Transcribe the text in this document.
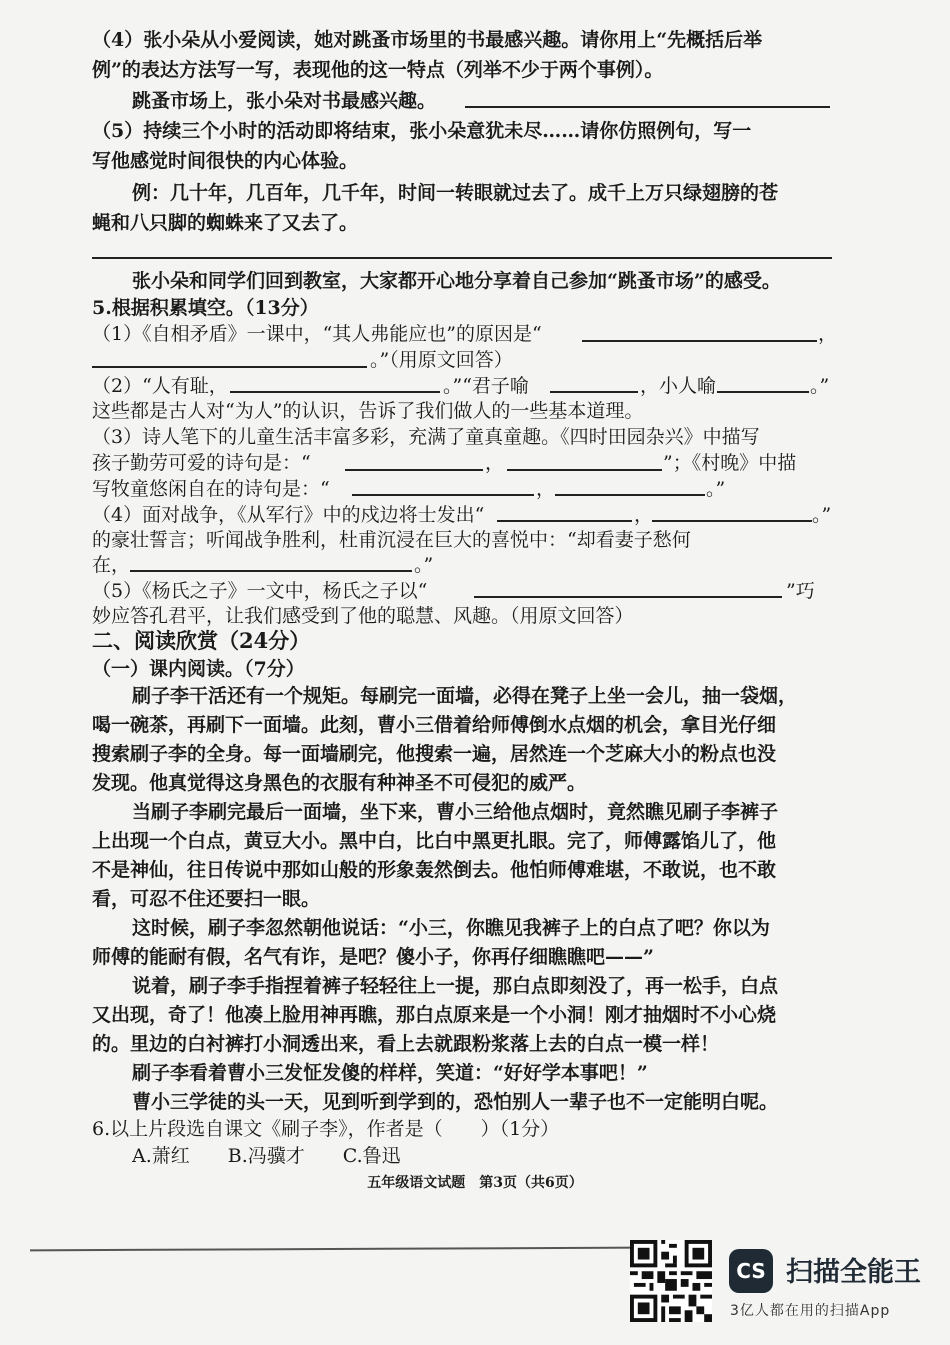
（4）张小朵从小爱阅读，她对跳蚤市场里的书最感兴趣。请你用上“先概括后举
例”的表达方法写一写，表现他的这一特点（列举不少于两个事例）。
跳蚤市场上，张小朵对书最感兴趣。
（5）持续三个小时的活动即将结束，张小朵意犹未尽……请你仿照例句，写一
写他感觉时间很快的内心体验。
例：几十年，几百年，几千年，时间一转眼就过去了。成千上万只绿翅膀的苍
蝇和八只脚的蜘蛛来了又去了。
张小朵和同学们回到教室，大家都开心地分享着自己参加“跳蚤市场”的感受。
5.根据积累填空。（13分）
（1）《自相矛盾》一课中，“其人弗能应也”的原因是“	，
。”（用原文回答）
（2）“人有耻，	。”“君子喻	，小人喻	。”
这些都是古人对“为人”的认识，告诉了我们做人的一些基本道理。
（3）诗人笔下的儿童生活丰富多彩，充满了童真童趣。《四时田园杂兴》中描写
孩子勤劳可爱的诗句是：“	，	”；《村晚》中描
写牧童悠闲自在的诗句是：“	，	。”
（4）面对战争，《从军行》中的戍边将士发出“	，	。”
的豪壮誓言；听闻战争胜利，杜甫沉浸在巨大的喜悦中：“却看妻子愁何
在，	。”
（5）《杨氏之子》一文中，杨氏之子以“	”巧
妙应答孔君平，让我们感受到了他的聪慧、风趣。（用原文回答）
二、阅读欣赏（24分）
（一）课内阅读。（7分）
刷子李干活还有一个规矩。每刷完一面墙，必得在凳子上坐一会儿，抽一袋烟，
喝一碗茶，再刷下一面墙。此刻，曹小三借着给师傅倒水点烟的机会，拿目光仔细
搜索刷子李的全身。每一面墙刷完，他搜索一遍，居然连一个芝麻大小的粉点也没
发现。他真觉得这身黑色的衣服有种神圣不可侵犯的威严。
当刷子李刷完最后一面墙，坐下来，曹小三给他点烟时，竟然瞧见刷子李裤子
上出现一个白点，黄豆大小。黑中白，比白中黑更扎眼。完了，师傅露馅儿了，他
不是神仙，往日传说中那如山般的形象轰然倒去。他怕师傅难堪，不敢说，也不敢
看，可忍不住还要扫一眼。
这时候，刷子李忽然朝他说话：“小三，你瞧见我裤子上的白点了吧？你以为
师傅的能耐有假，名气有诈，是吧？傻小子，你再仔细瞧瞧吧——”
说着，刷子李手指捏着裤子轻轻往上一提，那白点即刻没了，再一松手，白点
又出现，奇了！他凑上脸用神再瞧，那白点原来是一个小洞！刚才抽烟时不小心烧
的。里边的白衬裤打小洞透出来，看上去就跟粉浆落上去的白点一模一样！
刷子李看着曹小三发怔发傻的样样，笑道：“好好学本事吧！”
曹小三学徒的头一天，见到听到学到的，恐怕别人一辈子也不一定能明白呢。
6.以上片段选自课文《刷子李》，作者是（　　）（1分）
A.萧红　　B.冯骥才　　C.鲁迅
五年级语文试题　第3页（共6页）
CS 扫描全能王
3亿人都在用的扫描App
